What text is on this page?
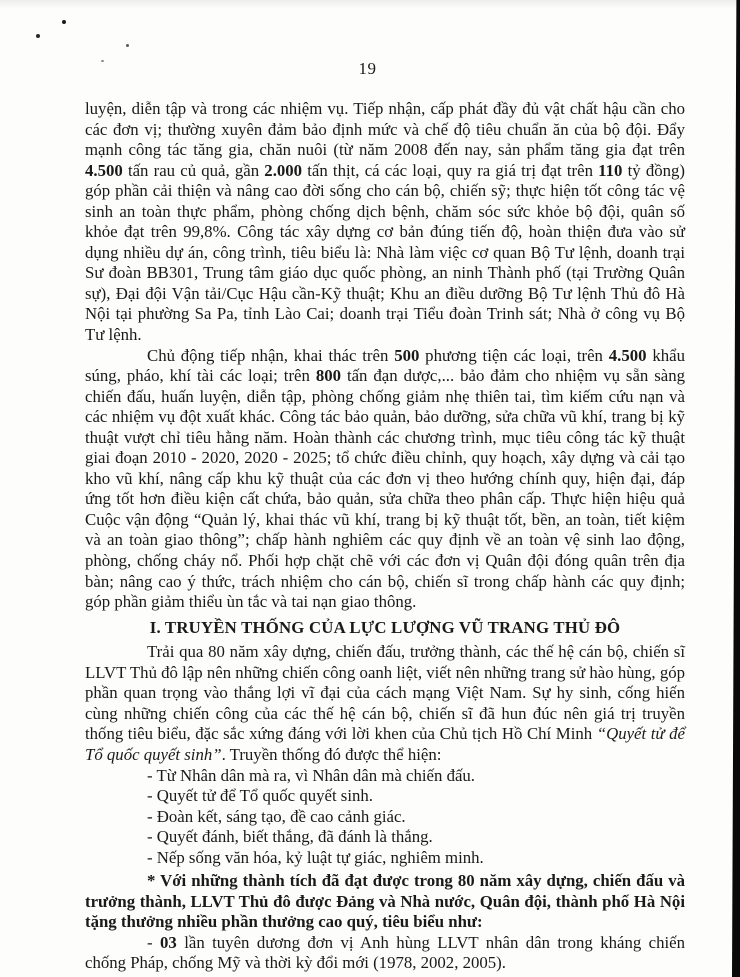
19

luyện, diễn tập và trong các nhiệm vụ. Tiếp nhận, cấp phát đầy đủ vật chất hậu cần cho các đơn vị; thường xuyên đảm bảo định mức và chế độ tiêu chuẩn ăn của bộ đội. Đẩy mạnh công tác tăng gia, chăn nuôi (từ năm 2008 đến nay, sản phẩm tăng gia đạt trên 4.500 tấn rau củ quả, gần 2.000 tấn thịt, cá các loại, quy ra giá trị đạt trên 110 tỷ đồng) góp phần cải thiện và nâng cao đời sống cho cán bộ, chiến sỹ; thực hiện tốt công tác vệ sinh an toàn thực phẩm, phòng chống dịch bệnh, chăm sóc sức khỏe bộ đội, quân số khỏe đạt trên 99,8%. Công tác xây dựng cơ bản đúng tiến độ, hoàn thiện đưa vào sử dụng nhiều dự án, công trình, tiêu biểu là: Nhà làm việc cơ quan Bộ Tư lệnh, doanh trại Sư đoàn BB301, Trung tâm giáo dục quốc phòng, an ninh Thành phố (tại Trường Quân sự), Đại đội Vận tải/Cục Hậu cần-Kỹ thuật; Khu an điều dưỡng Bộ Tư lệnh Thủ đô Hà Nội tại phường Sa Pa, tỉnh Lào Cai; doanh trại Tiểu đoàn Trinh sát; Nhà ở công vụ Bộ Tư lệnh.

Chủ động tiếp nhận, khai thác trên 500 phương tiện các loại, trên 4.500 khẩu súng, pháo, khí tài các loại; trên 800 tấn đạn dược,... bảo đảm cho nhiệm vụ sẵn sàng chiến đấu, huấn luyện, diễn tập, phòng chống giảm nhẹ thiên tai, tìm kiếm cứu nạn và các nhiệm vụ đột xuất khác. Công tác bảo quản, bảo dưỡng, sửa chữa vũ khí, trang bị kỹ thuật vượt chỉ tiêu hằng năm. Hoàn thành các chương trình, mục tiêu công tác kỹ thuật giai đoạn 2010 - 2020, 2020 - 2025; tổ chức điều chỉnh, quy hoạch, xây dựng và cải tạo kho vũ khí, nâng cấp khu kỹ thuật của các đơn vị theo hướng chính quy, hiện đại, đáp ứng tốt hơn điều kiện cất chứa, bảo quản, sửa chữa theo phân cấp. Thực hiện hiệu quả Cuộc vận động “Quản lý, khai thác vũ khí, trang bị kỹ thuật tốt, bền, an toàn, tiết kiệm và an toàn giao thông”; chấp hành nghiêm các quy định về an toàn vệ sinh lao động, phòng, chống cháy nổ. Phối hợp chặt chẽ với các đơn vị Quân đội đóng quân trên địa bàn; nâng cao ý thức, trách nhiệm cho cán bộ, chiến sĩ trong chấp hành các quy định; góp phần giảm thiểu ùn tắc và tai nạn giao thông.

I. TRUYỀN THỐNG CỦA LỰC LƯỢNG VŨ TRANG THỦ ĐÔ

Trải qua 80 năm xây dựng, chiến đấu, trưởng thành, các thế hệ cán bộ, chiến sĩ LLVT Thủ đô lập nên những chiến công oanh liệt, viết nên những trang sử hào hùng, góp phần quan trọng vào thắng lợi vĩ đại của cách mạng Việt Nam. Sự hy sinh, cống hiến cùng những chiến công của các thế hệ cán bộ, chiến sĩ đã hun đúc nên giá trị truyền thống tiêu biểu, đặc sắc xứng đáng với lời khen của Chủ tịch Hồ Chí Minh “Quyết tử để Tổ quốc quyết sinh”. Truyền thống đó được thể hiện:

- Từ Nhân dân mà ra, vì Nhân dân mà chiến đấu.

- Quyết tử để Tổ quốc quyết sinh.

- Đoàn kết, sáng tạo, đề cao cảnh giác.

- Quyết đánh, biết thắng, đã đánh là thắng.

- Nếp sống văn hóa, kỷ luật tự giác, nghiêm minh.

* Với những thành tích đã đạt được trong 80 năm xây dựng, chiến đấu và trưởng thành, LLVT Thủ đô được Đảng và Nhà nước, Quân đội, thành phố Hà Nội tặng thưởng nhiều phần thưởng cao quý, tiêu biểu như:

- 03 lần tuyên dương đơn vị Anh hùng LLVT nhân dân trong kháng chiến chống Pháp, chống Mỹ và thời kỳ đổi mới (1978, 2002, 2005).
